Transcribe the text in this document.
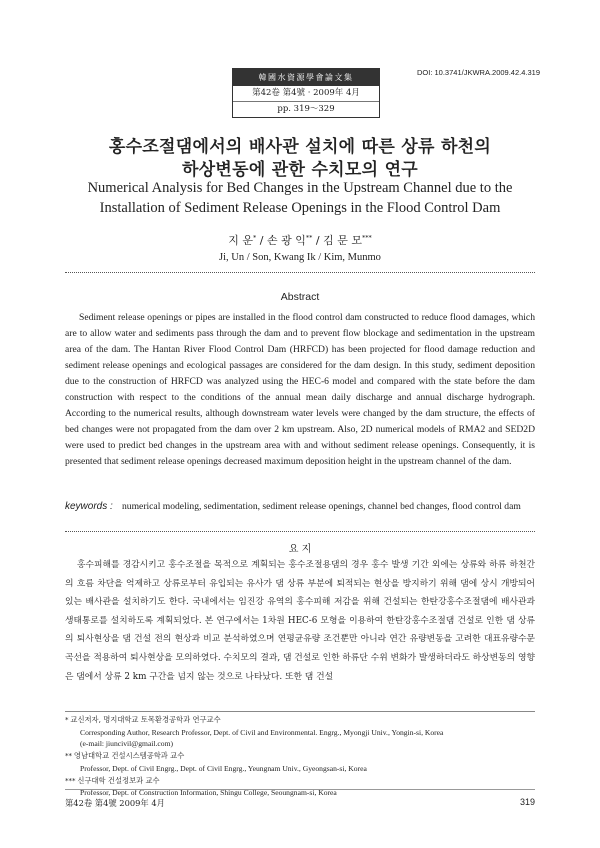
韓國水資源學會論文集
第42卷 第4號 · 2009年 4月
pp. 319～329
DOI: 10.3741/JKWRA.2009.42.4.319
홍수조절댐에서의 배사관 설치에 따른 상류 하천의
하상변동에 관한 수치모의 연구
Numerical Analysis for Bed Changes in the Upstream Channel due to the
Installation of Sediment Release Openings in the Flood Control Dam
지 운* / 손 광 익** / 김 문 모***
Ji, Un / Son, Kwang Ik / Kim, Munmo
Abstract

Sediment release openings or pipes are installed in the flood control dam constructed to reduce flood damages, which are to allow water and sediments pass through the dam and to prevent flow blockage and sedimentation in the upstream area of the dam. The Hantan River Flood Control Dam (HRFCD) has been projected for flood damage reduction and sediment release openings and ecological passages are considered for the dam design. In this study, sediment deposition due to the construction of HRFCD was analyzed using the HEC-6 model and compared with the state before the dam construction with respect to the conditions of the annual mean daily discharge and annual discharge hydrograph. According to the numerical results, although downstream water levels were changed by the dam structure, the effects of bed changes were not propagated from the dam over 2 km upstream. Also, 2D numerical models of RMA2 and SED2D were used to predict bed changes in the upstream area with and without sediment release openings. Consequently, it is presented that sediment release openings decreased maximum deposition height in the upstream channel of the dam.

keywords : numerical modeling, sedimentation, sediment release openings, channel bed changes, flood control dam
요 지

홍수피해를 경감시키고 홍수조절을 목적으로 계획되는 홍수조절용댐의 경우 홍수 발생 기간 외에는 상류와 하류 하천간의 흐름 차단을 억제하고 상류로부터 유입되는 유사가 댐 상류 부분에 퇴적되는 현상을 방지하기 위해 댐에 상시 개방되어 있는 배사관을 설치하기도 한다. 국내에서는 임진강 유역의 홍수피해 저감을 위해 건설되는 한탄강홍수조절댐에 배사관과 생태통로를 설치하도록 계획되었다. 본 연구에서는 1차원 HEC-6 모형을 이용하여 한탄강홍수조절댐 건설로 인한 댐 상류의 퇴사현상을 댐 건설 전의 현상과 비교 분석하였으며 연평균유량 조건뿐만 아니라 연간 유량변동을 고려한 대표유량수문곡선을 적용하여 퇴사현상을 모의하였다. 수치모의 결과, 댐 건설로 인한 하류단 수위 변화가 발생하더라도 하상변동의 영향은 댐에서 상류 2 km 구간을 넘지 않는 것으로 나타났다. 또한 댐 건설

* 교신저자, 명지대학교 토목환경공학과 연구교수
Corresponding Author, Research Professor, Dept. of Civil and Environmental. Engrg., Myongji Univ., Yongin-si, Korea
(e-mail: jiuncivil@gmail.com)
** 영남대학교 건설시스템공학과 교수
Professor, Dept. of Civil Engrg., Dept. of Civil Engrg., Yeungnam Univ., Gyeongsan-si, Korea
*** 신구대학 건설정보과 교수
Professor, Dept. of Construction Information, Shingu College, Seoungnam-si, Korea
第42卷 第4號 2009年 4月	319
